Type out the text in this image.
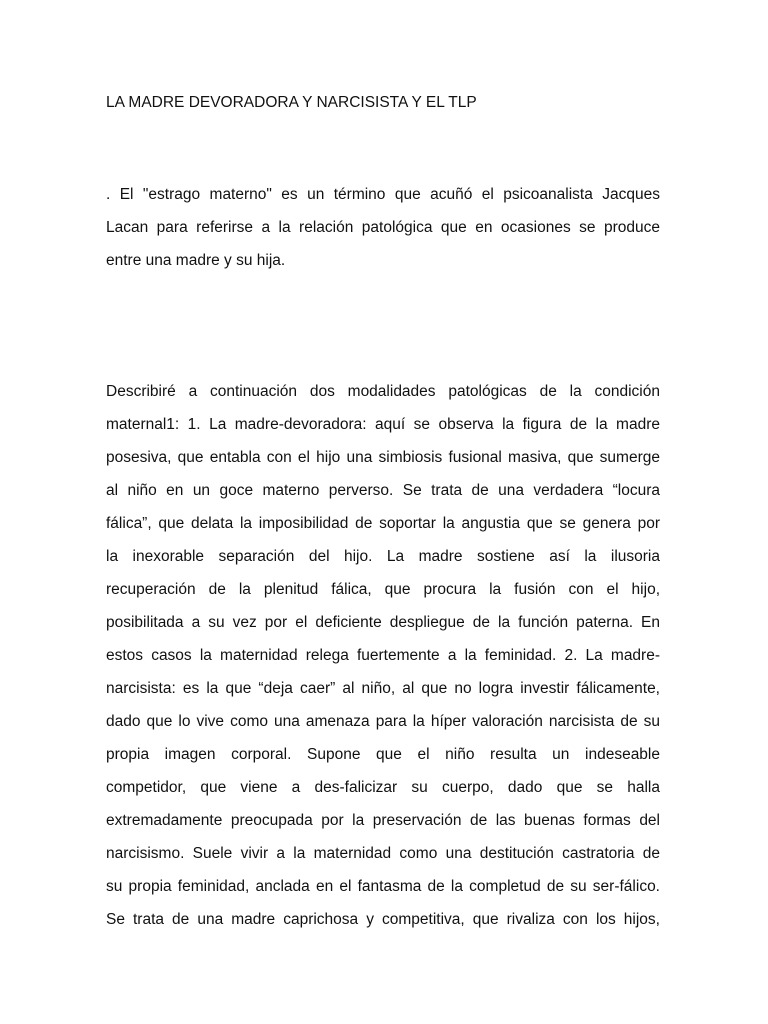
LA MADRE DEVORADORA Y NARCISISTA Y EL TLP

. El "estrago materno" es un término que acuñó el psicoanalista Jacques
Lacan para referirse a la relación patológica que en ocasiones se produce
entre una madre y su hija.

Describiré a continuación dos modalidades patológicas de la condición
maternal1: 1. La madre-devoradora: aquí se observa la figura de la madre
posesiva, que entabla con el hijo una simbiosis fusional masiva, que sumerge
al niño en un goce materno perverso. Se trata de una verdadera “locura
fálica”, que delata la imposibilidad de soportar la angustia que se genera por
la inexorable separación del hijo. La madre sostiene así la ilusoria
recuperación de la plenitud fálica, que procura la fusión con el hijo,
posibilitada a su vez por el deficiente despliegue de la función paterna. En
estos casos la maternidad relega fuertemente a la feminidad. 2. La madre-
narcisista: es la que “deja caer” al niño, al que no logra investir fálicamente,
dado que lo vive como una amenaza para la híper valoración narcisista de su
propia imagen corporal. Supone que el niño resulta un indeseable
competidor, que viene a des-falicizar su cuerpo, dado que se halla
extremadamente preocupada por la preservación de las buenas formas del
narcisismo. Suele vivir a la maternidad como una destitución castratoria de
su propia feminidad, anclada en el fantasma de la completud de su ser-fálico.
Se trata de una madre caprichosa y competitiva, que rivaliza con los hijos,
